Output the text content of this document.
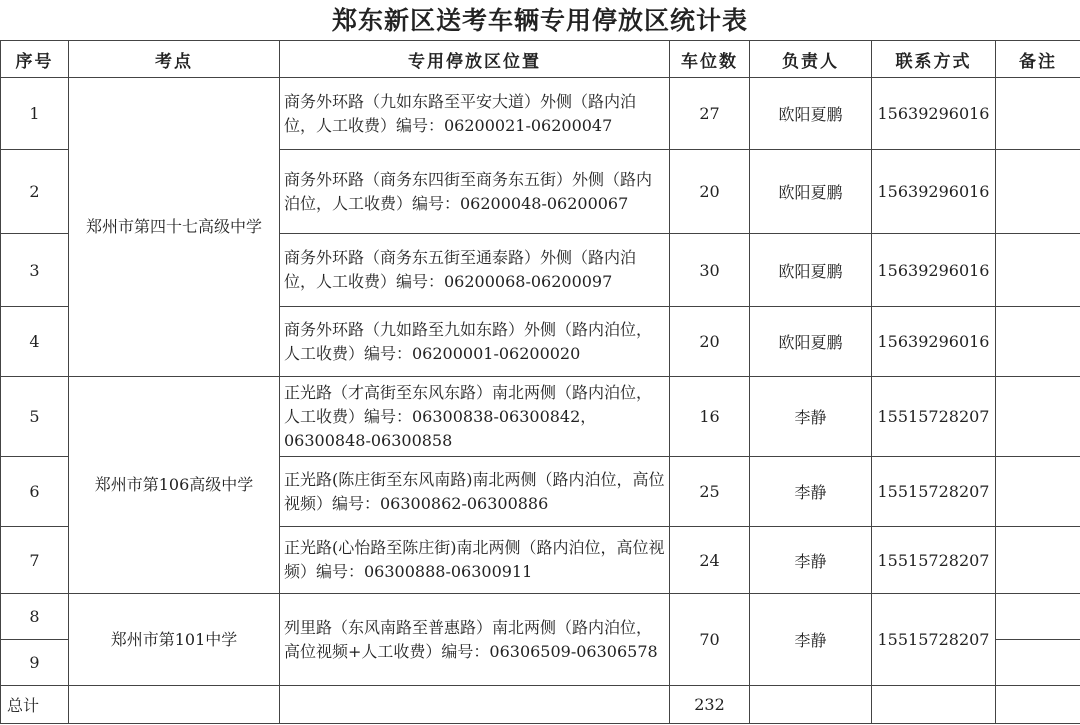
郑东新区送考车辆专用停放区统计表
序号	考点	专用停放区位置	车位数	负责人	联系方式	备注
1	郑州市第四十七高级中学	商务外环路（九如东路至平安大道）外侧（路内泊位，人工收费）编号：06200021-06200047	27	欧阳夏鹏	15639296016	
2		商务外环路（商务东四街至商务东五街）外侧（路内泊位，人工收费）编号：06200048-06200067	20	欧阳夏鹏	15639296016	
3		商务外环路（商务东五街至通泰路）外侧（路内泊位，人工收费）编号：06200068-06200097	30	欧阳夏鹏	15639296016	
4		商务外环路（九如路至九如东路）外侧（路内泊位，人工收费）编号：06200001-06200020	20	欧阳夏鹏	15639296016	
5	郑州市第106高级中学	正光路（才高街至东风东路）南北两侧（路内泊位，人工收费）编号：06300838-06300842，06300848-06300858	16	李静	15515728207	
6		正光路(陈庄街至东风南路)南北两侧（路内泊位，高位视频）编号：06300862-06300886	25	李静	15515728207	
7		正光路(心怡路至陈庄街)南北两侧（路内泊位，高位视频）编号：06300888-06300911	24	李静	15515728207	
8	郑州市第101中学	列里路（东风南路至普惠路）南北两侧（路内泊位，高位视频+人工收费）编号：06306509-06306578	70	李静	15515728207	
9						
总计			232			
